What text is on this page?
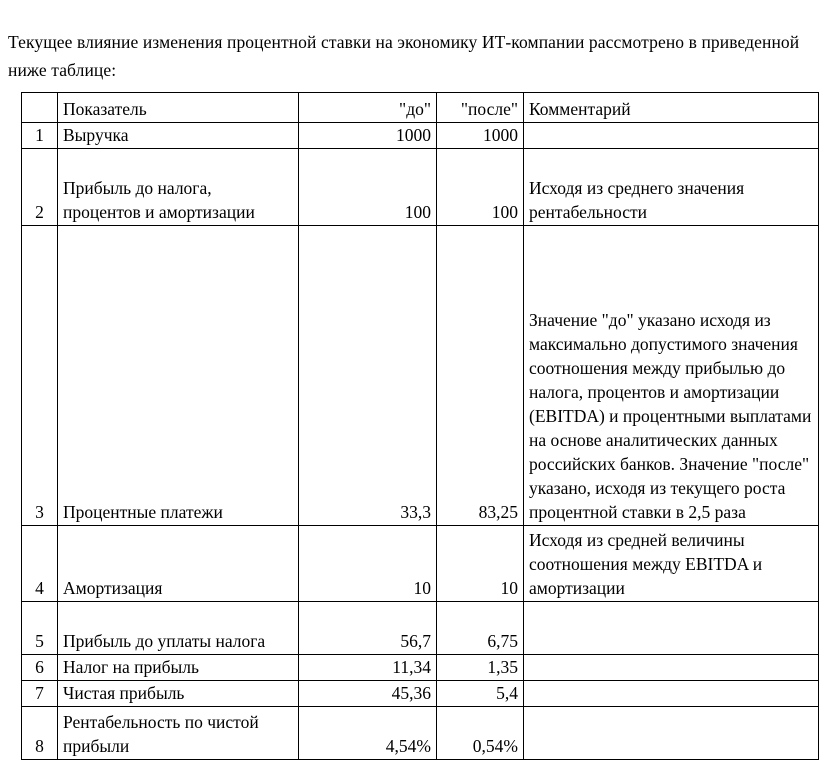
Текущее влияние изменения процентной ставки на экономику ИТ-компании рассмотрено в приведенной ниже таблице:

	Показатель	"до"	"после"	Комментарий
1	Выручка	1000	1000	
2	Прибыль до налога, процентов и амортизации	100	100	Исходя из среднего значения рентабельности
3	Процентные платежи	33,3	83,25	Значение "до" указано исходя из максимально допустимого значения соотношения между прибылью до налога, процентов и амортизации (EBITDA) и процентными выплатами на основе аналитических данных российских банков. Значение "после" указано, исходя из текущего роста процентной ставки в 2,5 раза
4	Амортизация	10	10	Исходя из средней величины соотношения между EBITDA и амортизации
5	Прибыль до уплаты налога	56,7	6,75	
6	Налог на прибыль	11,34	1,35	
7	Чистая прибыль	45,36	5,4	
8	Рентабельность по чистой прибыли	4,54%	0,54%	
